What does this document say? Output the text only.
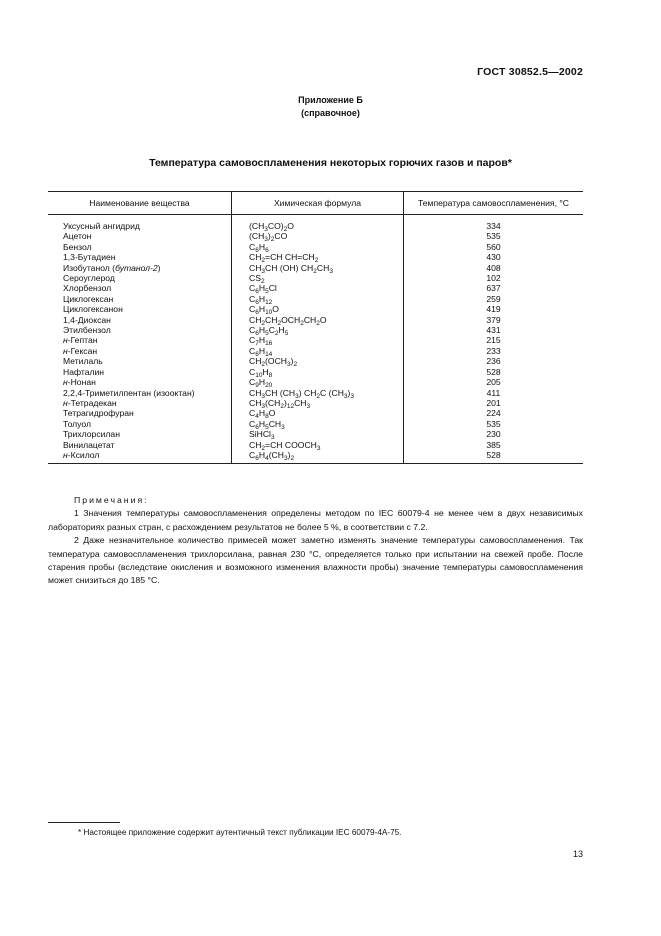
ГОСТ 30852.5—2002
Приложение Б
(справочное)
Температура самовоспламенения некоторых горючих газов и паров*
Наименование вещества	Химическая формула	Температура самовоспламенения, °С
Уксусный ангидрид	$(CH_3CO)_2O$	334
Ацетон	$(CH_3)_2CO$	535
Бензол	$C_6H_6$	560
1,3-Бутадиен	$CH_2=CH$ $CH=CH_2$	430
Изобутанол (бутанол-2)	$CH_3CH$ (OH) $CH_2CH_3$	408
Сероуглерод	$CS_2$	102
Хлорбензол	$C_6H_5Cl$	637
Циклогексан	$C_6H_{12}$	259
Циклогексанон	$C_6H_{10}O$	419
1,4-Диоксан	$CH_2CH_2OCH_2CH_2O$	379
Этилбензол	$C_6H_5C_2H_5$	431
н-Гептан	$C_7H_{16}$	215
н-Гексан	$C_6H_{14}$	233
Метилаль	$CH_2(OCH_3)_2$	236
Нафталин	$C_{10}H_8$	528
н-Нонан	$C_9H_{20}$	205
2,2,4-Триметилпентан (изооктан)	$CH_3CH$ $(CH_3)$ $CH_2C$ $(CH_3)_3$	411
н-Тетрадекан	$CH_3(CH_2)_{12}CH_3$	201
Тетрагидрофуран	$C_4H_8O$	224
Толуол	$C_6H_5CH_3$	535
Трихлорсилан	SiHCl$_3$	230
Винилацетат	$CH_2=CH$ $COOCH_3$	385
н-Ксилол	$C_6H_4(CH_3)_2$	528
Примечания:

1 Значения температуры самовоспламенения определены методом по IEC 60079-4 не менее чем в двух независимых лабораториях разных стран, с расхождением результатов не более 5 %, в соответствии с 7.2.

2 Даже незначительное количество примесей может заметно изменять значение температуры самовоспламенения. Так температура самовоспламенения трихлорсилана, равная 230 °С, определяется только при испытании на свежей пробе. После старения пробы (вследствие окисления и возможного изменения влажности пробы) значение температуры самовоспламенения может снизиться до 185 °С.

* Настоящее приложение содержит аутентичный текст публикации IEC 60079-4A-75.
13
